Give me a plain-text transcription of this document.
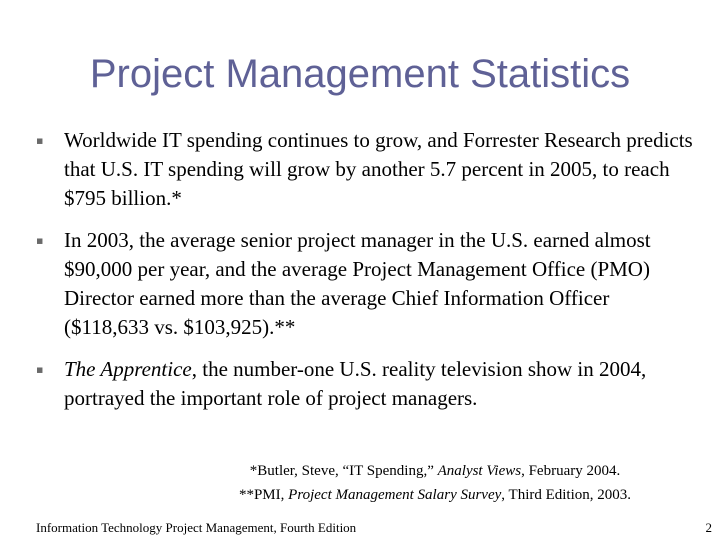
Project Management Statistics
▪ Worldwide IT spending continues to grow, and Forrester Research predicts that U.S. IT spending will grow by another 5.7 percent in 2005, to reach $795 billion.*
▪ In 2003, the average senior project manager in the U.S. earned almost $90,000 per year, and the average Project Management Office (PMO) Director earned more than the average Chief Information Officer ($118,633 vs. $103,925).**
▪ The Apprentice, the number-one U.S. reality television show in 2004, portrayed the important role of project managers.
*Butler, Steve, “IT Spending,” Analyst Views, February 2004.
**PMI, Project Management Salary Survey, Third Edition, 2003.
Information Technology Project Management, Fourth Edition	2
